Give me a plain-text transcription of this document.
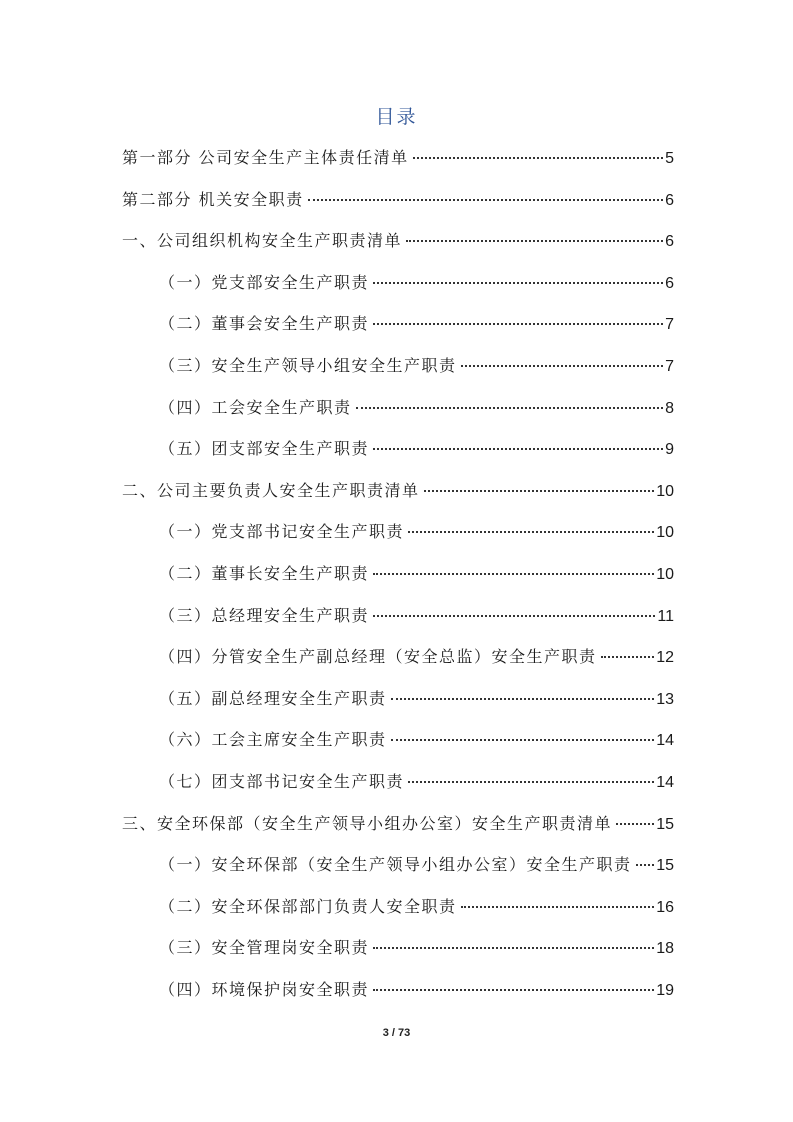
目录
第一部分 公司安全生产主体责任清单	5
第二部分 机关安全职责	6
一、公司组织机构安全生产职责清单	6
（一）党支部安全生产职责	6
（二）董事会安全生产职责	7
（三）安全生产领导小组安全生产职责	7
（四）工会安全生产职责	8
（五）团支部安全生产职责	9
二、公司主要负责人安全生产职责清单	10
（一）党支部书记安全生产职责	10
（二）董事长安全生产职责	10
（三）总经理安全生产职责	11
（四）分管安全生产副总经理（安全总监）安全生产职责	12
（五）副总经理安全生产职责	13
（六）工会主席安全生产职责	14
（七）团支部书记安全生产职责	14
三、安全环保部（安全生产领导小组办公室）安全生产职责清单	15
（一）安全环保部（安全生产领导小组办公室）安全生产职责 15
（二）安全环保部部门负责人安全职责	16
（三）安全管理岗安全职责	18
（四）环境保护岗安全职责	19
3 / 73
